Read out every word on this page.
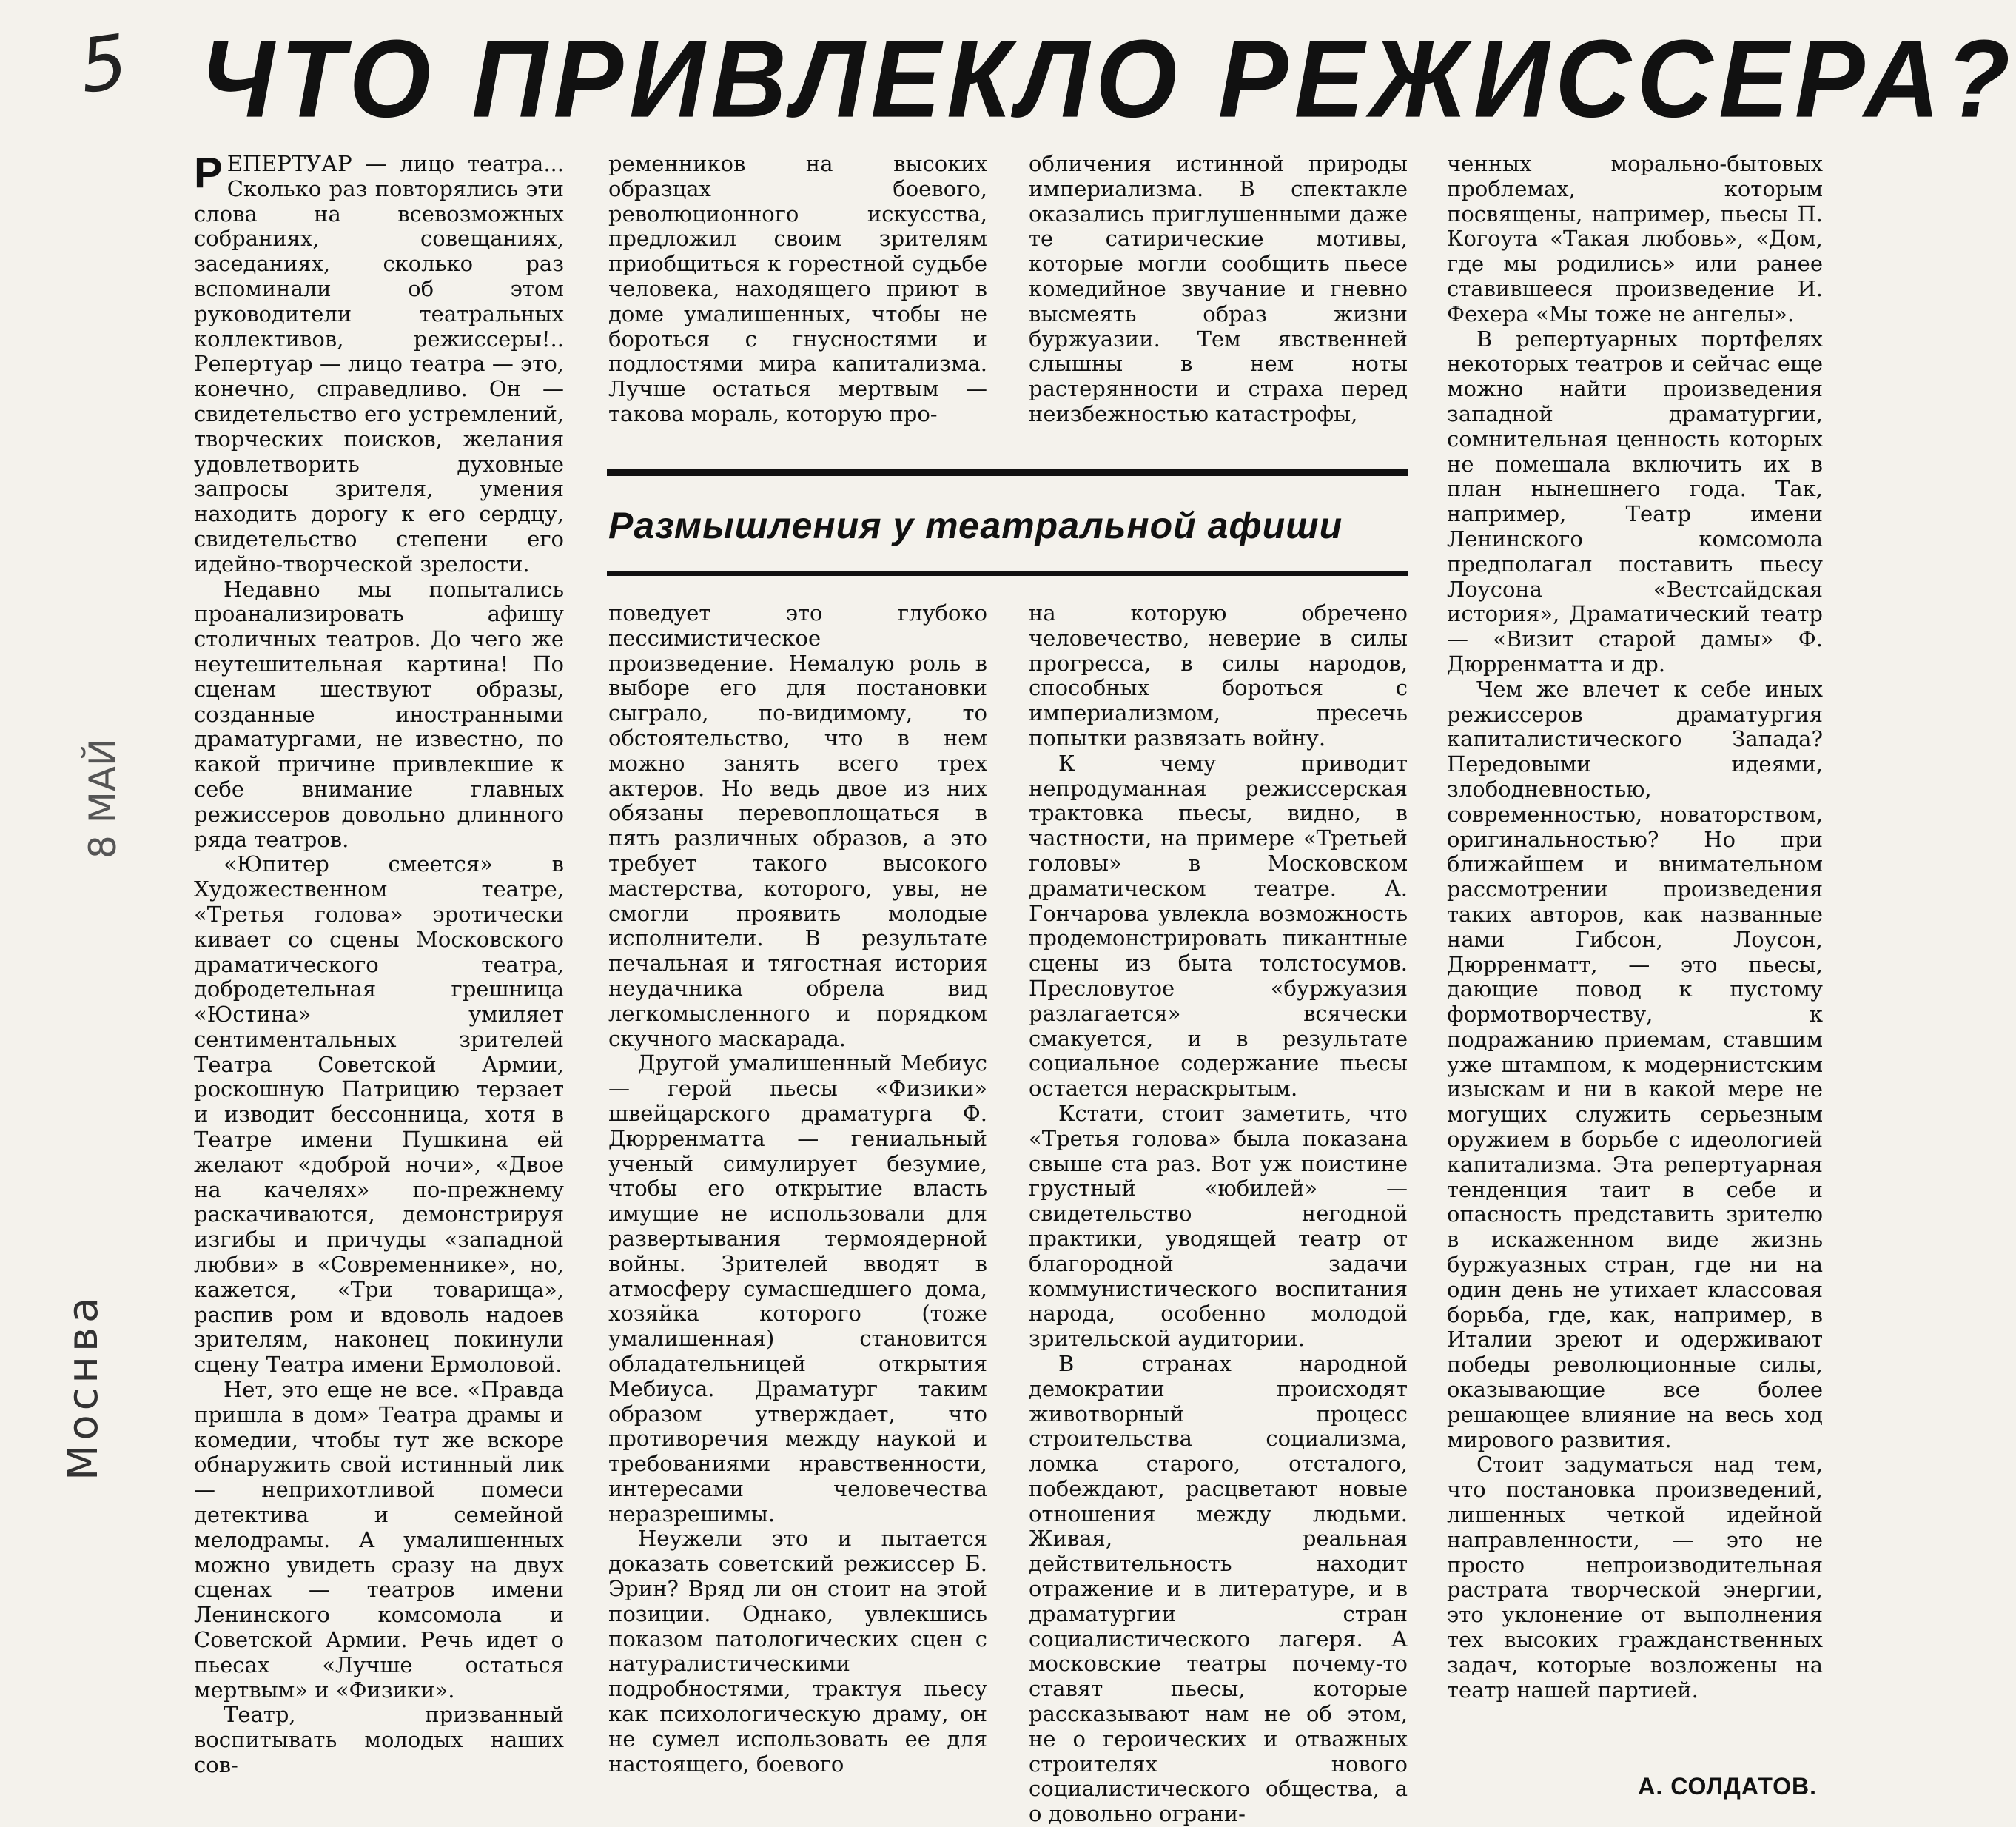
5 ЧТО ПРИВЛЕКЛО РЕЖИССЕРА?
Моснва
8 МАЙ

РЕПЕРТУАР — лицо театра... Сколько раз повторялись эти слова на всевозможных собраниях, совещаниях, заседаниях, сколько раз вспоминали об этом руководители театральных коллективов, режиссеры!.. Репертуар — лицо театра — это, конечно, справедливо. Он — свидетельство его устремлений, творческих поисков, желания удовлетворить духовные запросы зрителя, умения находить дорогу к его сердцу, свидетельство степени его идейно-творческой зрелости.

Недавно мы попытались проанализировать афишу столичных театров. До чего же неутешительная картина! По сценам шествуют образы, созданные иностранными драматургами, не известно, по какой причине привлекшие к себе внимание главных режиссеров довольно длинного ряда театров.

«Юпитер смеется» в Художественном театре, «Третья голова» эротически кивает со сцены Московского драматического театра, добродетельная грешница «Юстина» умиляет сентиментальных зрителей Театра Советской Армии, роскошную Патрицию терзает и изводит бессонница, хотя в Театре имени Пушкина ей желают «доброй ночи», «Двое на качелях» по-прежнему раскачиваются, демонстрируя изгибы и причуды «западной любви» в «Современнике», но, кажется, «Три товарища», распив ром и вдоволь надоев зрителям, наконец покинули сцену Театра имени Ермоловой.

Нет, это еще не все. «Правда пришла в дом» Театра драмы и комедии, чтобы тут же вскоре обнаружить свой истинный лик — неприхотливой помеси детектива и семейной мелодрамы. А умалишенных можно увидеть сразу на двух сценах — театров имени Ленинского комсомола и Советской Армии. Речь идет о пьесах «Лучше остаться мертвым» и «Физики».

Театр, призванный воспитывать молодых наших сов-

ременников на высоких образцах боевого, революционного искусства, предложил своим зрителям приобщиться к горестной судьбе человека, находящего приют в доме умалишенных, чтобы не бороться с гнусностями и подлостями мира капитализма. Лучше остаться мертвым — такова мораль, которую про-

обличения истинной природы империализма. В спектакле оказались приглушенными даже те сатирические мотивы, которые могли сообщить пьесе комедийное звучание и гневно высмеять образ жизни буржуазии. Тем явственней слышны в нем ноты растерянности и страха перед неизбежностью катастрофы,

Размышления у театральной афиши

поведует это глубоко пессимистическое произведение. Немалую роль в выборе его для постановки сыграло, по-видимому, то обстоятельство, что в нем можно занять всего трех актеров. Но ведь двое из них обязаны перевоплощаться в пять различных образов, а это требует такого высокого мастерства, которого, увы, не смогли проявить молодые исполнители. В результате печальная и тягостная история неудачника обрела вид легкомысленного и порядком скучного маскарада.

Другой умалишенный Мебиус — герой пьесы «Физики» швейцарского драматурга Ф. Дюрренматта — гениальный ученый симулирует безумие, чтобы его открытие власть имущие не использовали для развертывания термоядерной войны. Зрителей вводят в атмосферу сумасшедшего дома, хозяйка которого (тоже умалишенная) становится обладательницей открытия Мебиуса. Драматург таким образом утверждает, что противоречия между наукой и требованиями нравственности, интересами человечества неразрешимы.

Неужели это и пытается доказать советский режиссер Б. Эрин? Вряд ли он стоит на этой позиции. Однако, увлекшись показом патологических сцен с натуралистическими подробностями, трактуя пьесу как психологическую драму, он не сумел использовать ее для настоящего, боевого

на которую обречено человечество, неверие в силы прогресса, в силы народов, способных бороться с империализмом, пресечь попытки развязать войну.

К чему приводит непродуманная режиссерская трактовка пьесы, видно, в частности, на примере «Третьей головы» в Московском драматическом театре. А. Гончарова увлекла возможность продемонстрировать пикантные сцены из быта толстосумов. Пресловутое «буржуазия разлагается» всячески смакуется, и в результате социальное содержание пьесы остается нераскрытым.

Кстати, стоит заметить, что «Третья голова» была показана свыше ста раз. Вот уж поистине грустный «юбилей» — свидетельство негодной практики, уводящей театр от благородной задачи коммунистического воспитания народа, особенно молодой зрительской аудитории.

В странах народной демократии происходят животворный процесс строительства социализма, ломка старого, отсталого, побеждают, расцветают новые отношения между людьми. Живая, реальная действительность находит отражение и в литературе, и в драматургии стран социалистического лагеря. А московские театры почему-то ставят пьесы, которые рассказывают нам не об этом, не о героических и отважных строителях нового социалистического общества, а о довольно ограни-

ченных морально-бытовых проблемах, которым посвящены, например, пьесы П. Когоута «Такая любовь», «Дом, где мы родились» или ранее ставившееся произведение И. Фехера «Мы тоже не ангелы».

В репертуарных портфелях некоторых театров и сейчас еще можно найти произведения западной драматургии, сомнительная ценность которых не помешала включить их в план нынешнего года. Так, например, Театр имени Ленинского комсомола предполагал поставить пьесу Лоусона «Вестсайдская история», Драматический театр — «Визит старой дамы» Ф. Дюрренматта и др.

Чем же влечет к себе иных режиссеров драматургия капиталистического Запада? Передовыми идеями, злободневностью, современностью, новаторством, оригинальностью? Но при ближайшем и внимательном рассмотрении произведения таких авторов, как названные нами Гибсон, Лоусон, Дюрренматт, — это пьесы, дающие повод к пустому формотворчеству, к подражанию приемам, ставшим уже штампом, к модернистским изыскам и ни в какой мере не могущих служить серьезным оружием в борьбе с идеологией капитализма. Эта репертуарная тенденция таит в себе и опасность представить зрителю в искаженном виде жизнь буржуазных стран, где ни на один день не утихает классовая борьба, где, как, например, в Италии зреют и одерживают победы революционные силы, оказывающие все более решающее влияние на весь ход мирового развития.

Стоит задуматься над тем, что постановка произведений, лишенных четкой идейной направленности, — это не просто непроизводительная растрата творческой энергии, это уклонение от выполнения тех высоких гражданственных задач, которые возложены на театр нашей партией.

А. СОЛДАТОВ.
